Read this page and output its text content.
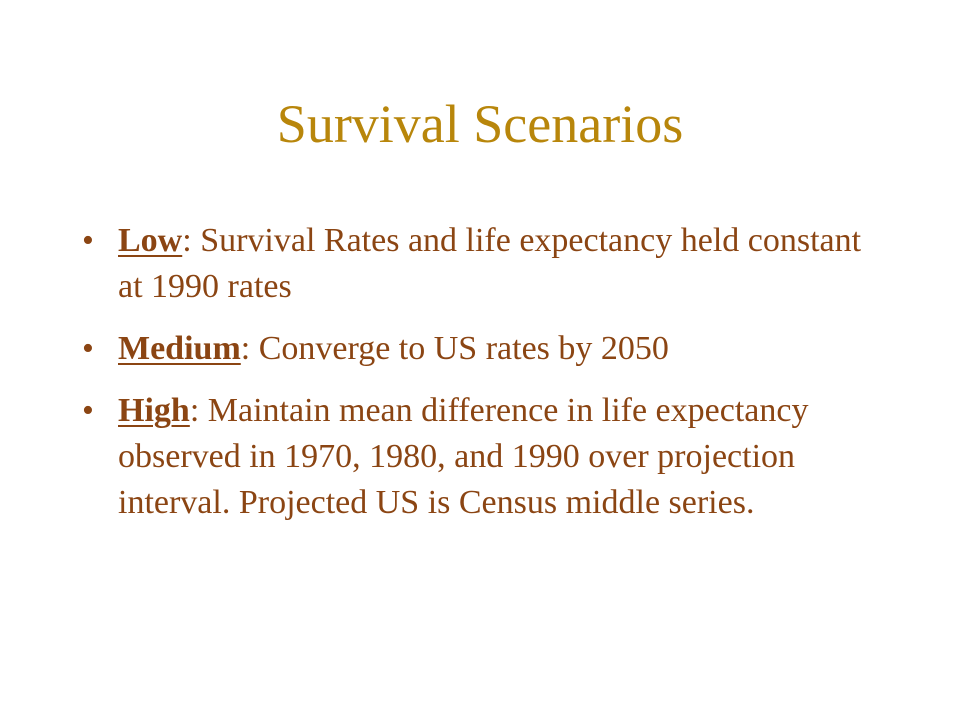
Survival Scenarios
• Low: Survival Rates and life expectancy held constant at 1990 rates
• Medium: Converge to US rates by 2050
• High: Maintain mean difference in life expectancy observed in 1970, 1980, and 1990 over projection interval. Projected US is Census middle series.
